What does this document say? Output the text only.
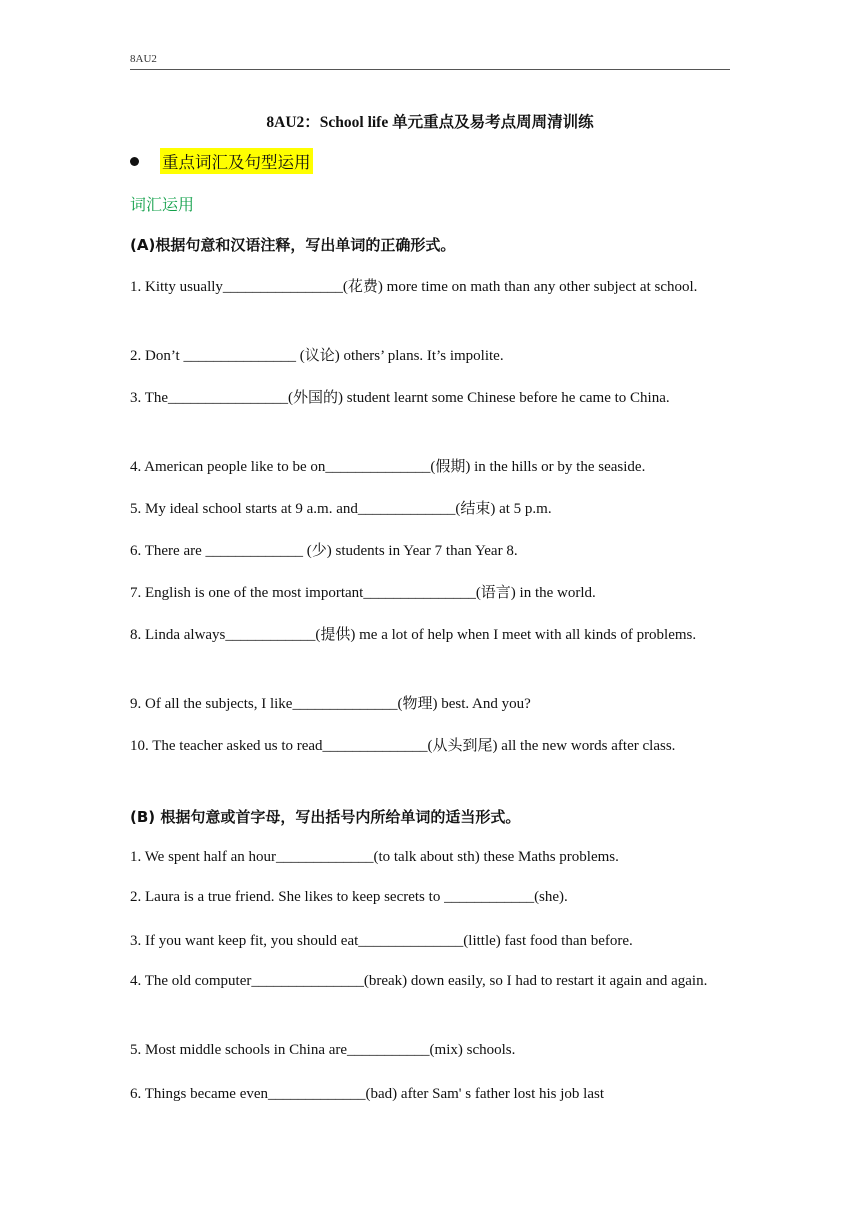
8AU2
8AU2：School life 单元重点及易考点周周清训练
重点词汇及句型运用
词汇运用
(A)根据句意和汉语注释，写出单词的正确形式。
1. Kitty usually________________(花费) more time on math than any other subject at school.
2. Don’t _______________ (议论) others’ plans. It’s impolite.
3. The________________(外国的) student learnt some Chinese before he came to China.
4. American people like to be on______________(假期) in the hills or by the seaside.
5. My ideal school starts at 9 a.m. and_____________(结束) at 5 p.m.
6. There are _____________ (少) students in Year 7 than Year 8.
7. English is one of the most important_______________(语言) in the world.
8. Linda always____________(提供) me a lot of help when I meet with all kinds of problems.
9. Of all the subjects, I like______________(物理) best. And you?
10. The teacher asked us to read______________(从头到尾) all the new words after class.
(B) 根据句意或首字母，写出括号内所给单词的适当形式。
1. We spent half an hour_____________(to talk about sth) these Maths problems.
2. Laura is a true friend. She likes to keep secrets to ____________(she).
3. If you want keep fit, you should eat______________(little) fast food than before.
4. The old computer_______________(break) down easily, so I had to restart it again and again.
5. Most middle schools in China are___________(mix) schools.
6. Things became even_____________(bad) after Sam' s father lost his job last
